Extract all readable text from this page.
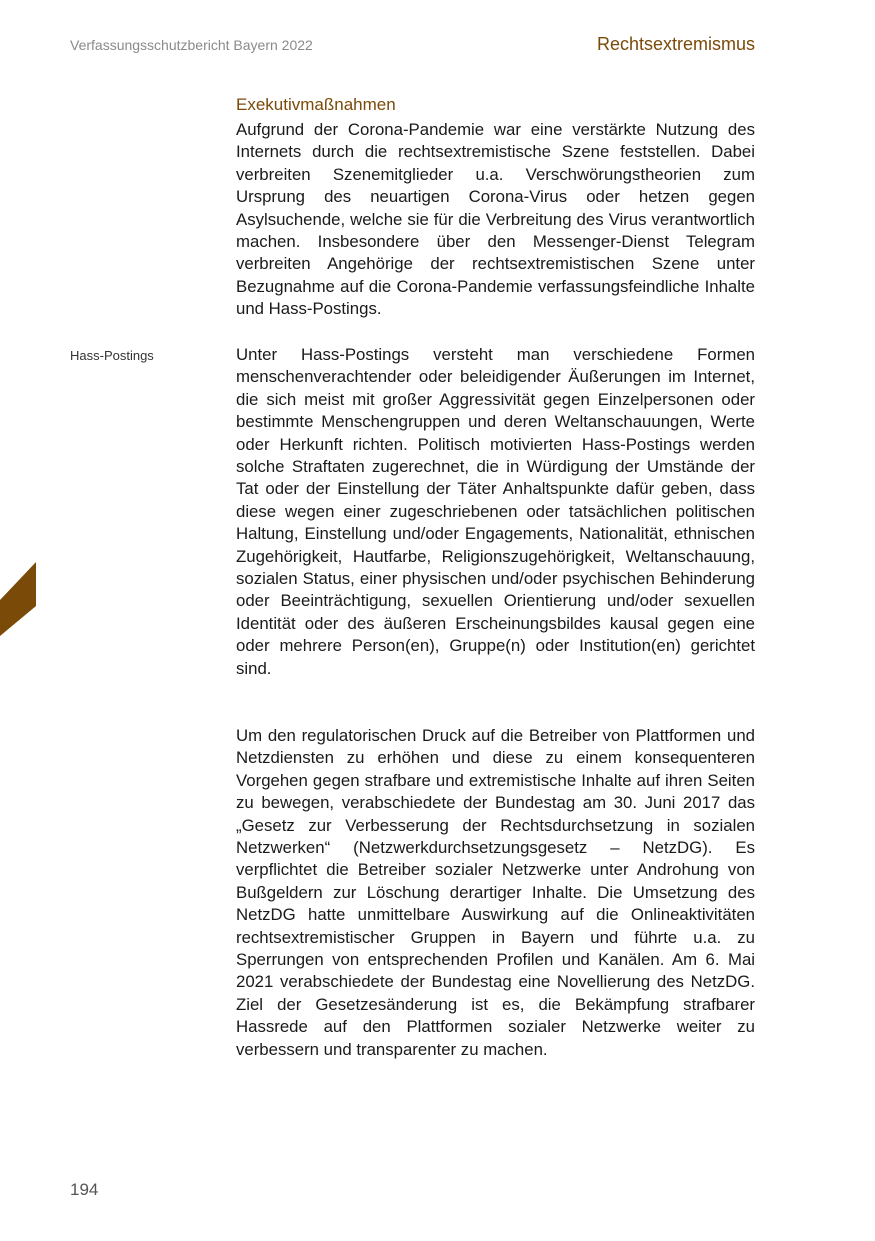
Verfassungsschutzbericht Bayern 2022	Rechtsextremismus
Exekutivmaßnahmen

Aufgrund der Corona-Pandemie war eine verstärkte Nutzung des Internets durch die rechtsextremistische Szene feststellen. Dabei verbreiten Szenemitglieder u.a. Verschwörungstheorien zum Ursprung des neuartigen Corona-Virus oder hetzen gegen Asylsuchende, welche sie für die Verbreitung des Virus verantwortlich machen. Insbesondere über den Messenger-Dienst Telegram verbreiten Angehörige der rechtsextremistischen Szene unter Bezugnahme auf die Corona-Pandemie verfassungsfeindliche Inhalte und Hass-Postings.

Hass-Postings	Unter Hass-Postings versteht man verschiedene Formen menschenverachtender oder beleidigender Äußerungen im Internet, die sich meist mit großer Aggressivität gegen Einzelpersonen oder bestimmte Menschengruppen und deren Weltanschauungen, Werte oder Herkunft richten. Politisch motivierten Hass-Postings werden solche Straftaten zugerechnet, die in Würdigung der Umstände der Tat oder der Einstellung der Täter Anhaltspunkte dafür geben, dass diese wegen einer zugeschriebenen oder tatsächlichen politischen Haltung, Einstellung und/oder Engagements, Nationalität, ethnischen Zugehörigkeit, Hautfarbe, Religionszugehörigkeit, Weltanschauung, sozialen Status, einer physischen und/oder psychischen Behinderung oder Beeinträchtigung, sexuellen Orientierung und/oder sexuellen Identität oder des äußeren Erscheinungsbildes kausal gegen eine oder mehrere Person(en), Gruppe(n) oder Institution(en) gerichtet sind.

Um den regulatorischen Druck auf die Betreiber von Plattformen und Netzdiensten zu erhöhen und diese zu einem konsequenteren Vorgehen gegen strafbare und extremistische Inhalte auf ihren Seiten zu bewegen, verabschiedete der Bundestag am 30. Juni 2017 das „Gesetz zur Verbesserung der Rechtsdurchsetzung in sozialen Netzwerken“ (Netzwerkdurchsetzungsgesetz – NetzDG). Es verpflichtet die Betreiber sozialer Netzwerke unter Androhung von Bußgeldern zur Löschung derartiger Inhalte. Die Umsetzung des NetzDG hatte unmittelbare Auswirkung auf die Onlineaktivitäten rechtsextremistischer Gruppen in Bayern und führte u.a. zu Sperrungen von entsprechenden Profilen und Kanälen. Am 6. Mai 2021 verabschiedete der Bundestag eine Novellierung des NetzDG. Ziel der Gesetzesänderung ist es, die Bekämpfung strafbarer Hassrede auf den Plattformen sozialer Netzwerke weiter zu verbessern und transparenter zu machen.

194
